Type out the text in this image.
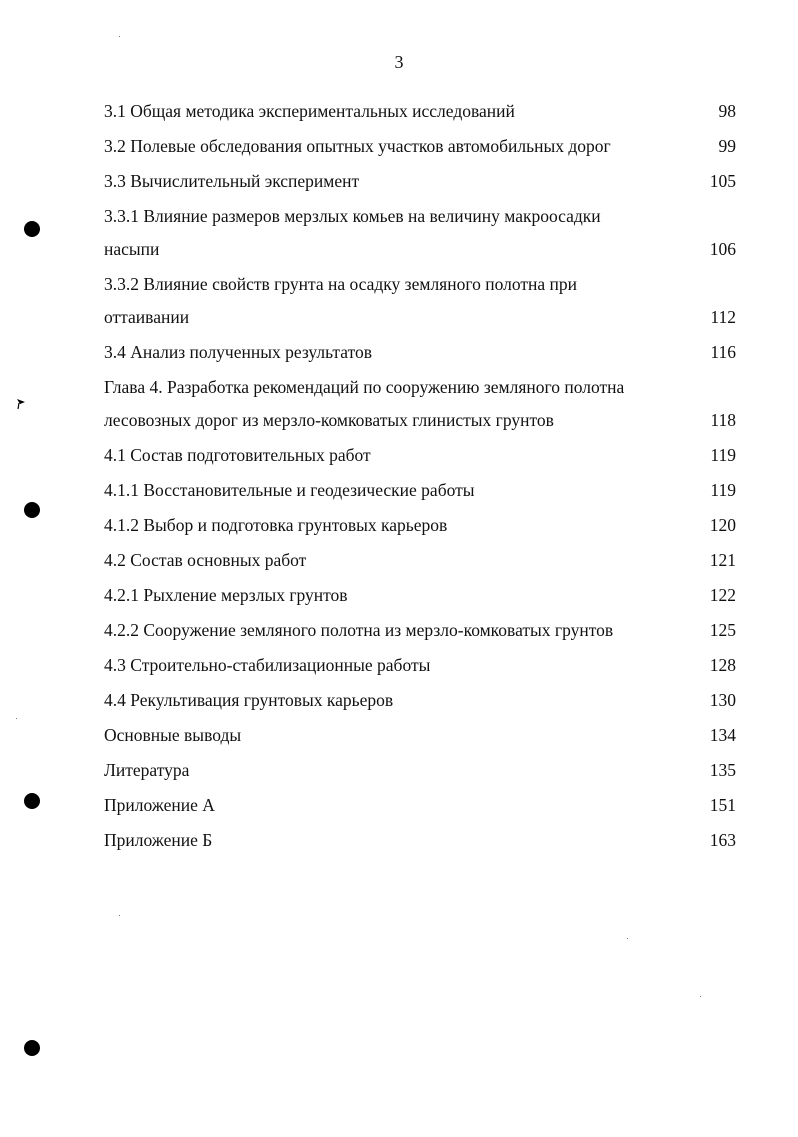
3
3.1 Общая методика экспериментальных исследований	98
3.2 Полевые обследования опытных участков автомобильных дорог	99
3.3 Вычислительный эксперимент	105
3.3.1 Влияние размеров мерзлых комьев на величину макроосадки
насыпи	106
3.3.2 Влияние свойств грунта на осадку земляного полотна при
оттаивании	112
3.4 Анализ полученных результатов	116
Глава 4. Разработка рекомендаций по сооружению земляного полотна
лесовозных дорог из мерзло-комковатых глинистых грунтов	118
4.1 Состав подготовительных работ	119
4.1.1 Восстановительные и геодезические работы	119
4.1.2 Выбор и подготовка грунтовых карьеров	120
4.2 Состав основных работ	121
4.2.1 Рыхление мерзлых грунтов	122
4.2.2 Сооружение земляного полотна из мерзло-комковатых грунтов	125
4.3 Строительно-стабилизационные работы	128
4.4 Рекультивация грунтовых карьеров	130
Основные выводы	134
Литература	135
Приложение А	151
Приложение Б	163
